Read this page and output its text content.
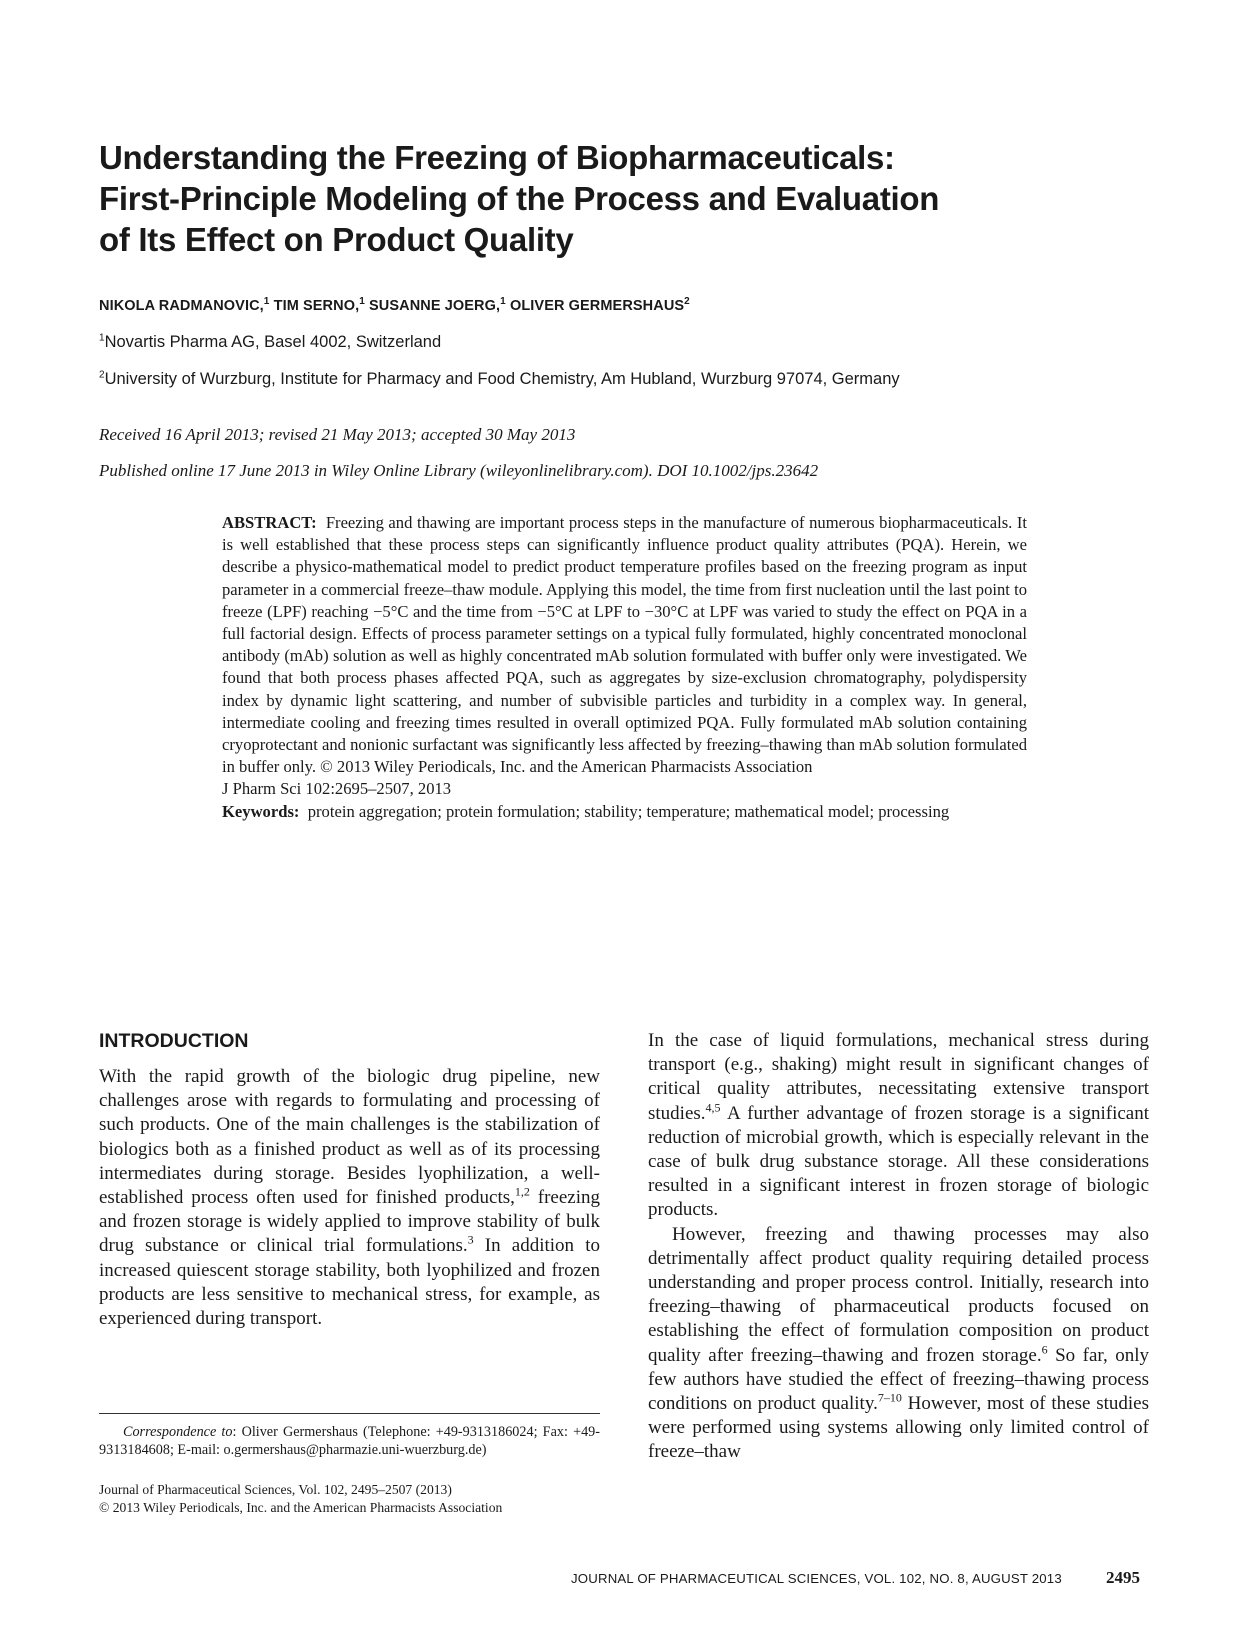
Understanding the Freezing of Biopharmaceuticals:
First-Principle Modeling of the Process and Evaluation
of Its Effect on Product Quality
NIKOLA RADMANOVIC,$^1$ TIM SERNO,$^1$ SUSANNE JOERG,$^1$ OLIVER GERMERSHAUS$^2$
$^1$Novartis Pharma AG, Basel 4002, Switzerland
$^2$University of Wurzburg, Institute for Pharmacy and Food Chemistry, Am Hubland, Wurzburg 97074, Germany
Received 16 April 2013; revised 21 May 2013; accepted 30 May 2013
Published online 17 June 2013 in Wiley Online Library (wileyonlinelibrary.com). DOI 10.1002/jps.23642

ABSTRACT: Freezing and thawing are important process steps in the manufacture of numerous biopharmaceuticals. It is well established that these process steps can significantly influence product quality attributes (PQA). Herein, we describe a physico-mathematical model to predict product temperature profiles based on the freezing program as input parameter in a commercial freeze–thaw module. Applying this model, the time from first nucleation until the last point to freeze (LPF) reaching −5°C and the time from −5°C at LPF to −30°C at LPF was varied to study the effect on PQA in a full factorial design. Effects of process parameter settings on a typical fully formulated, highly concentrated monoclonal antibody (mAb) solution as well as highly concentrated mAb solution formulated with buffer only were investigated. We found that both process phases affected PQA, such as aggregates by size-exclusion chromatography, polydispersity index by dynamic light scattering, and number of subvisible particles and turbidity in a complex way. In general, intermediate cooling and freezing times resulted in overall optimized PQA. Fully formulated mAb solution containing cryoprotectant and nonionic surfactant was significantly less affected by freezing–thawing than mAb solution formulated in buffer only. © 2013 Wiley Periodicals, Inc. and the American Pharmacists Association

J Pharm Sci 102:2695–2507, 2013
Keywords: protein aggregation; protein formulation; stability; temperature; mathematical model; processing
INTRODUCTION

With the rapid growth of the biologic drug pipeline, new challenges arose with regards to formulating and processing of such products. One of the main challenges is the stabilization of biologics both as a finished product as well as of its processing intermediates during storage. Besides lyophilization, a well-established process often used for finished products,$^{1,2}$ freezing and frozen storage is widely applied to improve stability of bulk drug substance or clinical trial formulations.$^3$ In addition to increased quiescent storage stability, both lyophilized and frozen products are less sensitive to mechanical stress, for example, as experienced during transport.

In the case of liquid formulations, mechanical stress during transport (e.g., shaking) might result in significant changes of critical quality attributes, necessitating extensive transport studies.$^{4,5}$ A further advantage of frozen storage is a significant reduction of microbial growth, which is especially relevant in the case of bulk drug substance storage. All these considerations resulted in a significant interest in frozen storage of biologic products.

However, freezing and thawing processes may also detrimentally affect product quality requiring detailed process understanding and proper process control. Initially, research into freezing–thawing of pharmaceutical products focused on establishing the effect of formulation composition on product quality after freezing–thawing and frozen storage.$^6$ So far, only few authors have studied the effect of freezing–thawing process conditions on product quality.$^{7-10}$ However, most of these studies were performed using systems allowing only limited control of freeze–thaw

Correspondence to: Oliver Germershaus (Telephone: +49-9313186024; Fax: +49-9313184608; E-mail: o.germershaus@pharmazie.uni-wuerzburg.de)
Journal of Pharmaceutical Sciences, Vol. 102, 2495–2507 (2013)
© 2013 Wiley Periodicals, Inc. and the American Pharmacists Association
JOURNAL OF PHARMACEUTICAL SCIENCES, VOL. 102, NO. 8, AUGUST 2013	2495
